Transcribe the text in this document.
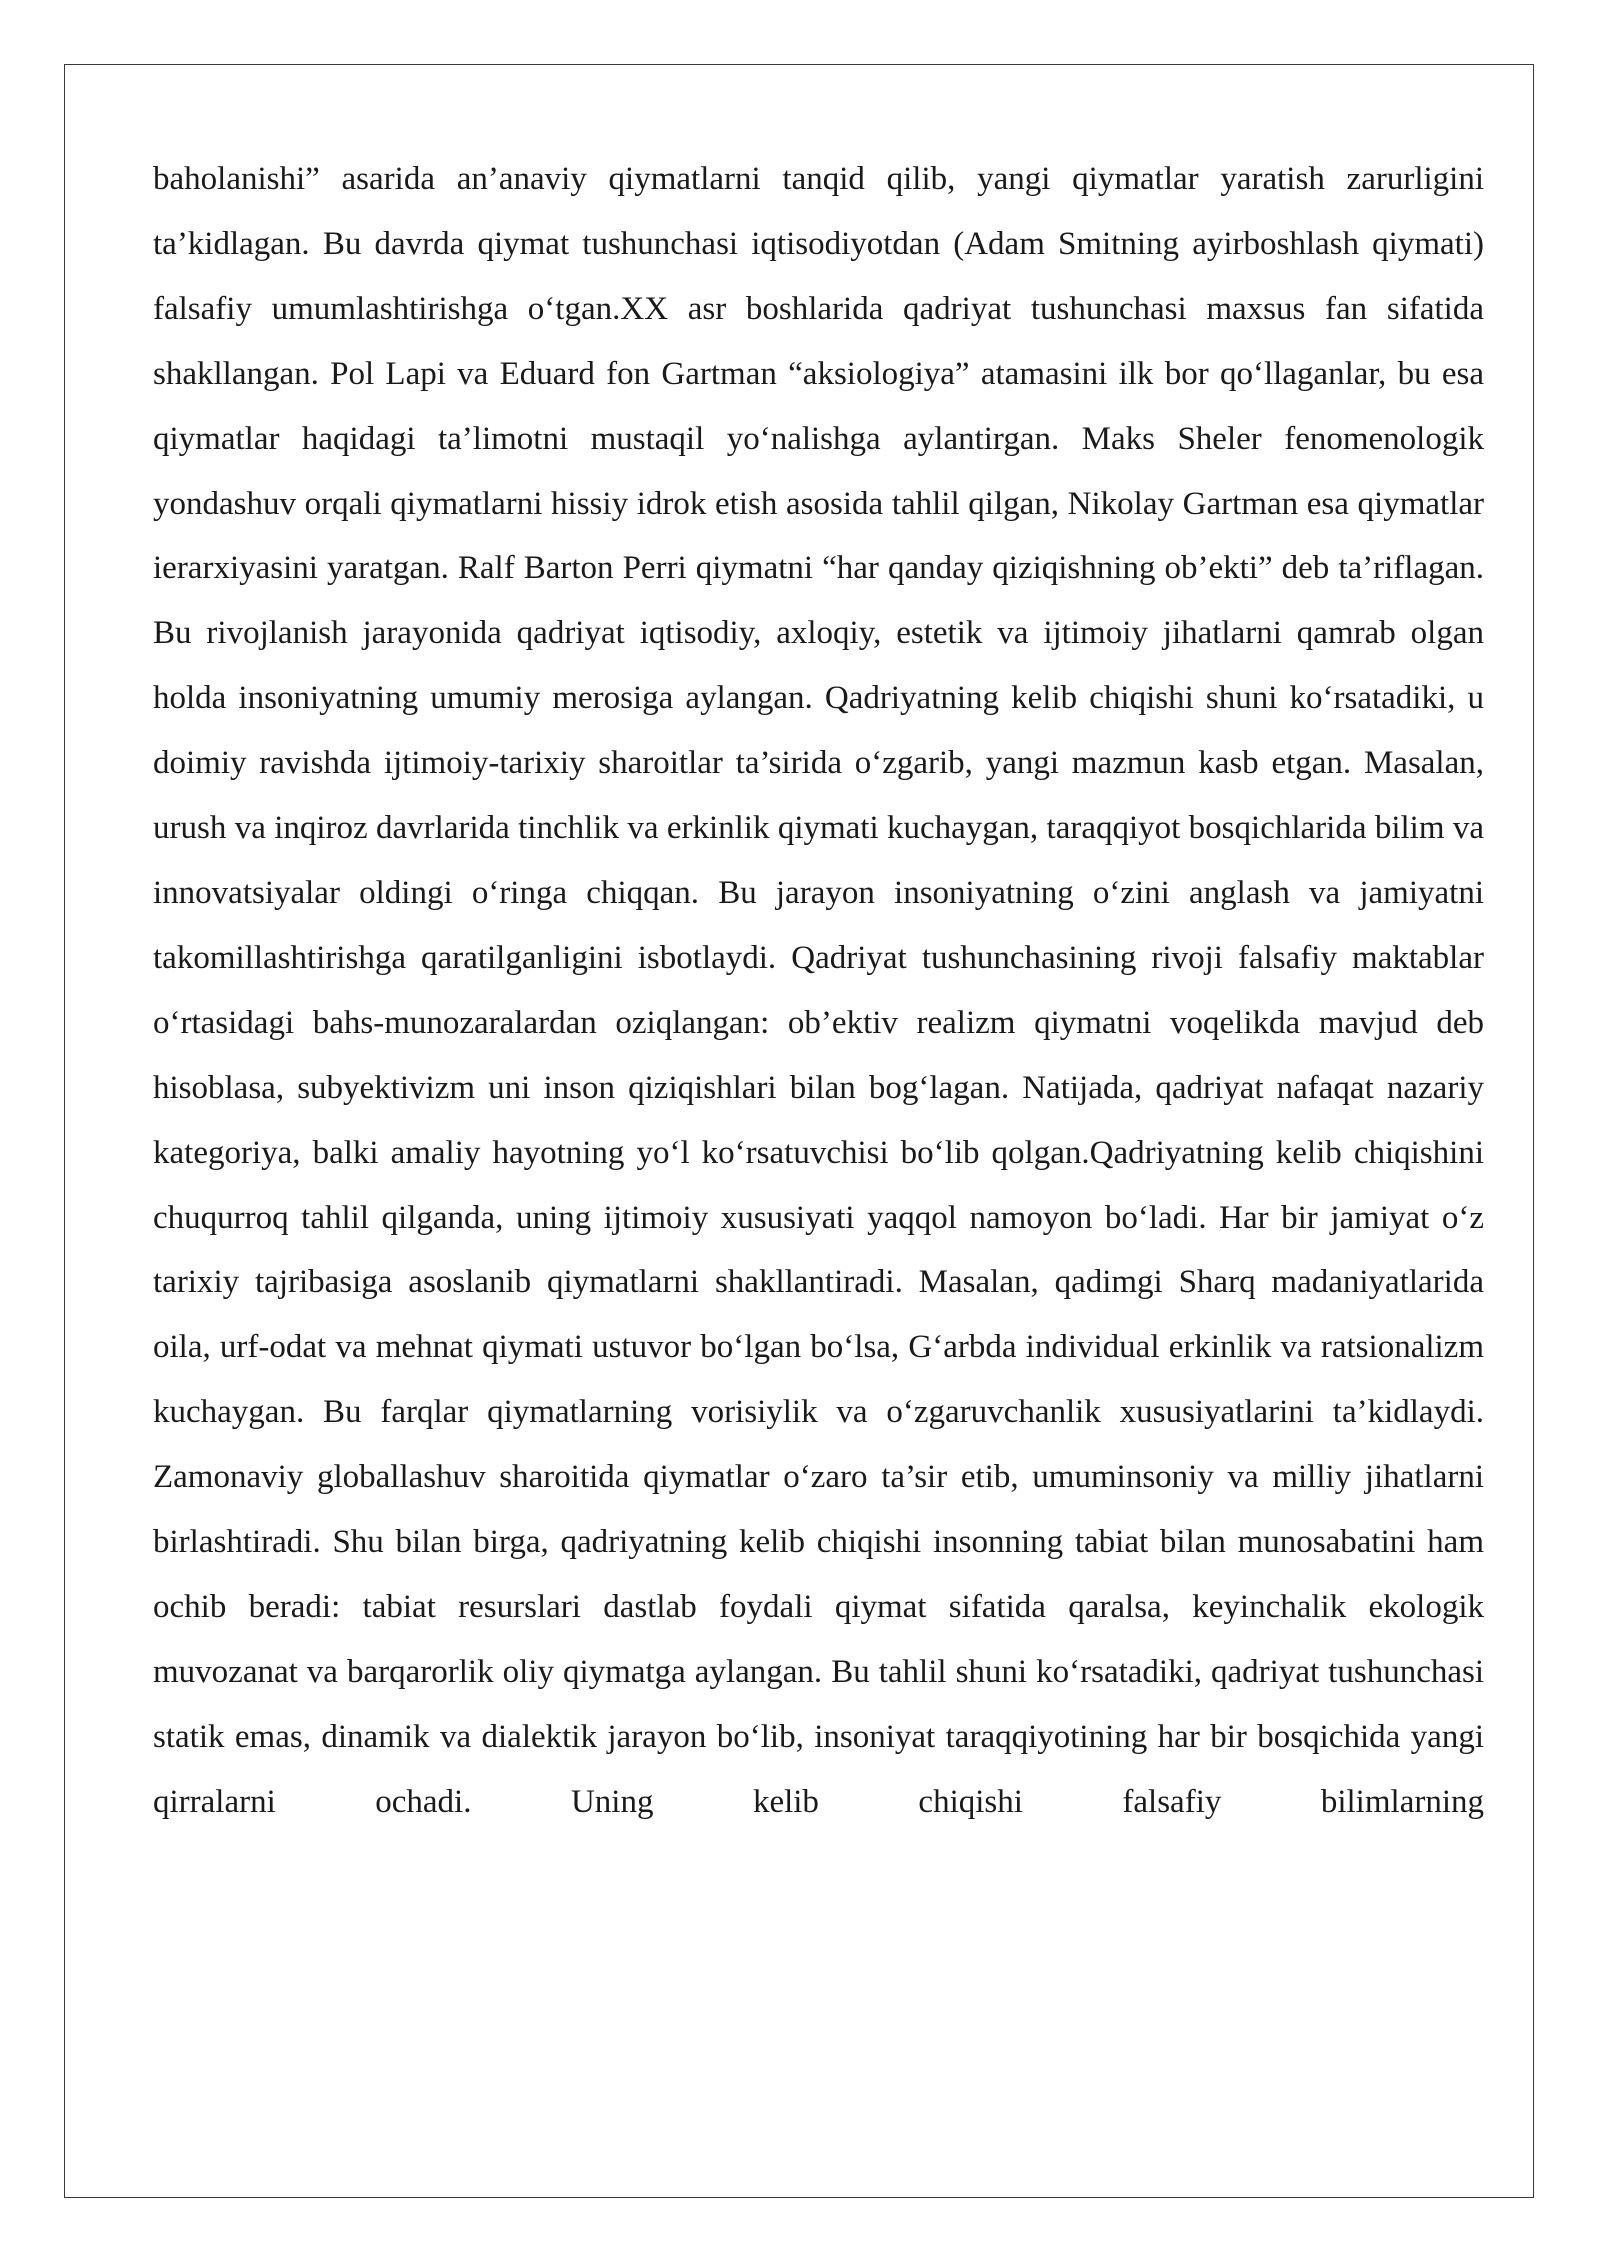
baholanishi” asarida an’anaviy qiymatlarni tanqid qilib, yangi qiymatlar yaratish zarurligini ta’kidlagan. Bu davrda qiymat tushunchasi iqtisodiyotdan (Adam Smitning ayirboshlash qiymati) falsafiy umumlashtirishga o‘tgan.XX asr boshlarida qadriyat tushunchasi maxsus fan sifatida shakllangan. Pol Lapi va Eduard fon Gartman “aksiologiya” atamasini ilk bor qo‘llaganlar, bu esa qiymatlar haqidagi ta’limotni mustaqil yo‘nalishga aylantirgan. Maks Sheler fenomenologik yondashuv orqali qiymatlarni hissiy idrok etish asosida tahlil qilgan, Nikolay Gartman esa qiymatlar ierarxiyasini yaratgan. Ralf Barton Perri qiymatni “har qanday qiziqishning ob’ekti” deb ta’riflagan. Bu rivojlanish jarayonida qadriyat iqtisodiy, axloqiy, estetik va ijtimoiy jihatlarni qamrab olgan holda insoniyatning umumiy merosiga aylangan. Qadriyatning kelib chiqishi shuni ko‘rsatadiki, u doimiy ravishda ijtimoiy-tarixiy sharoitlar ta’sirida o‘zgarib, yangi mazmun kasb etgan. Masalan, urush va inqiroz davrlarida tinchlik va erkinlik qiymati kuchaygan, taraqqiyot bosqichlarida bilim va innovatsiyalar oldingi o‘ringa chiqqan. Bu jarayon insoniyatning o‘zini anglash va jamiyatni takomillashtirishga qaratilganligini isbotlaydi. Qadriyat tushunchasining rivoji falsafiy maktablar o‘rtasidagi bahs-munozaralardan oziqlangan: ob’ektiv realizm qiymatni voqelikda mavjud deb hisoblasa, subyektivizm uni inson qiziqishlari bilan bog‘lagan. Natijada, qadriyat nafaqat nazariy kategoriya, balki amaliy hayotning yo‘l ko‘rsatuvchisi bo‘lib qolgan.Qadriyatning kelib chiqishini chuqurroq tahlil qilganda, uning ijtimoiy xususiyati yaqqol namoyon bo‘ladi. Har bir jamiyat o‘z tarixiy tajribasiga asoslanib qiymatlarni shakllantiradi. Masalan, qadimgi Sharq madaniyatlarida oila, urf-odat va mehnat qiymati ustuvor bo‘lgan bo‘lsa, G‘arbda individual erkinlik va ratsionalizm kuchaygan. Bu farqlar qiymatlarning vorisiylik va o‘zgaruvchanlik xususiyatlarini ta’kidlaydi. Zamonaviy globallashuv sharoitida qiymatlar o‘zaro ta’sir etib, umuminsoniy va milliy jihatlarni birlashtiradi. Shu bilan birga, qadriyatning kelib chiqishi insonning tabiat bilan munosabatini ham ochib beradi: tabiat resurslari dastlab foydali qiymat sifatida qaralsa, keyinchalik ekologik muvozanat va barqarorlik oliy qiymatga aylangan. Bu tahlil shuni ko‘rsatadiki, qadriyat tushunchasi statik emas, dinamik va dialektik jarayon bo‘lib, insoniyat taraqqiyotining har bir bosqichida yangi qirralarni ochadi. Uning kelib chiqishi falsafiy bilimlarning
